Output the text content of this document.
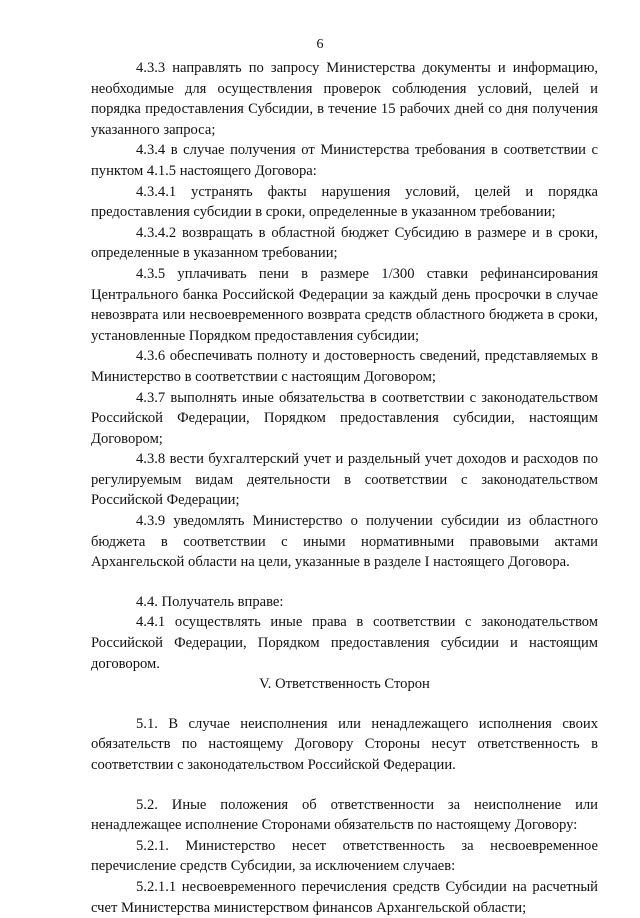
6

4.3.3 направлять по запросу Министерства документы и информацию, необходимые для осуществления проверок соблюдения условий, целей и порядка предоставления Субсидии, в течение 15 рабочих дней со дня получения указанного запроса;

4.3.4 в случае получения от Министерства требования в соответствии с пунктом 4.1.5 настоящего Договора:

4.3.4.1 устранять факты нарушения условий, целей и порядка предоставления субсидии в сроки, определенные в указанном требовании;

4.3.4.2 возвращать в областной бюджет Субсидию в размере и в сроки, определенные в указанном требовании;

4.3.5 уплачивать пени в размере 1/300 ставки рефинансирования Центрального банка Российской Федерации за каждый день просрочки в случае невозврата или несвоевременного возврата средств областного бюджета в сроки, установленные Порядком предоставления субсидии;

4.3.6 обеспечивать полноту и достоверность сведений, представляемых в Министерство в соответствии с настоящим Договором;

4.3.7 выполнять иные обязательства в соответствии с законодательством Российской Федерации, Порядком предоставления субсидии, настоящим Договором;

4.3.8 вести бухгалтерский учет и раздельный учет доходов и расходов по регулируемым видам деятельности в соответствии с законодательством Российской Федерации;

4.3.9 уведомлять Министерство о получении субсидии из областного бюджета в соответствии с иными нормативными правовыми актами Архангельской области на цели, указанные в разделе I настоящего Договора.

4.4. Получатель вправе:

4.4.1 осуществлять иные права в соответствии с законодательством Российской Федерации, Порядком предоставления субсидии и настоящим договором.

V. Ответственность Сторон

5.1. В случае неисполнения или ненадлежащего исполнения своих обязательств по настоящему Договору Стороны несут ответственность в соответствии с законодательством Российской Федерации.

5.2. Иные положения об ответственности за неисполнение или ненадлежащее исполнение Сторонами обязательств по настоящему Договору:

5.2.1. Министерство несет ответственность за несвоевременное перечисление средств Субсидии, за исключением случаев:

5.2.1.1 несвоевременного перечисления средств Субсидии на расчетный счет Министерства министерством финансов Архангельской области;
